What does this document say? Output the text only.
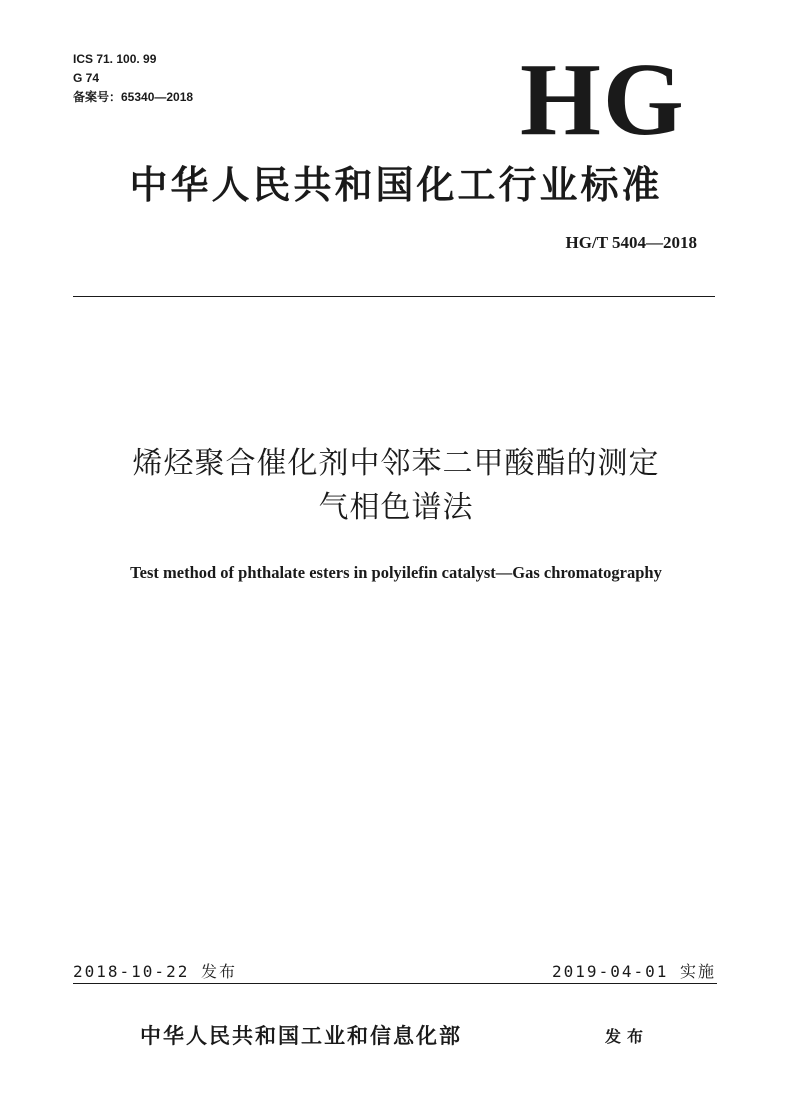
ICS 71. 100. 99
G 74
备案号：65340—2018	HG
中华人民共和国化工行业标准
HG/T 5404—2018
烯烃聚合催化剂中邻苯二甲酸酯的测定
气相色谱法
Test method of phthalate esters in polyilefin catalyst—Gas chromatography
2018-10-22 发布	2019-04-01 实施
中华人民共和国工业和信息化部	发布
